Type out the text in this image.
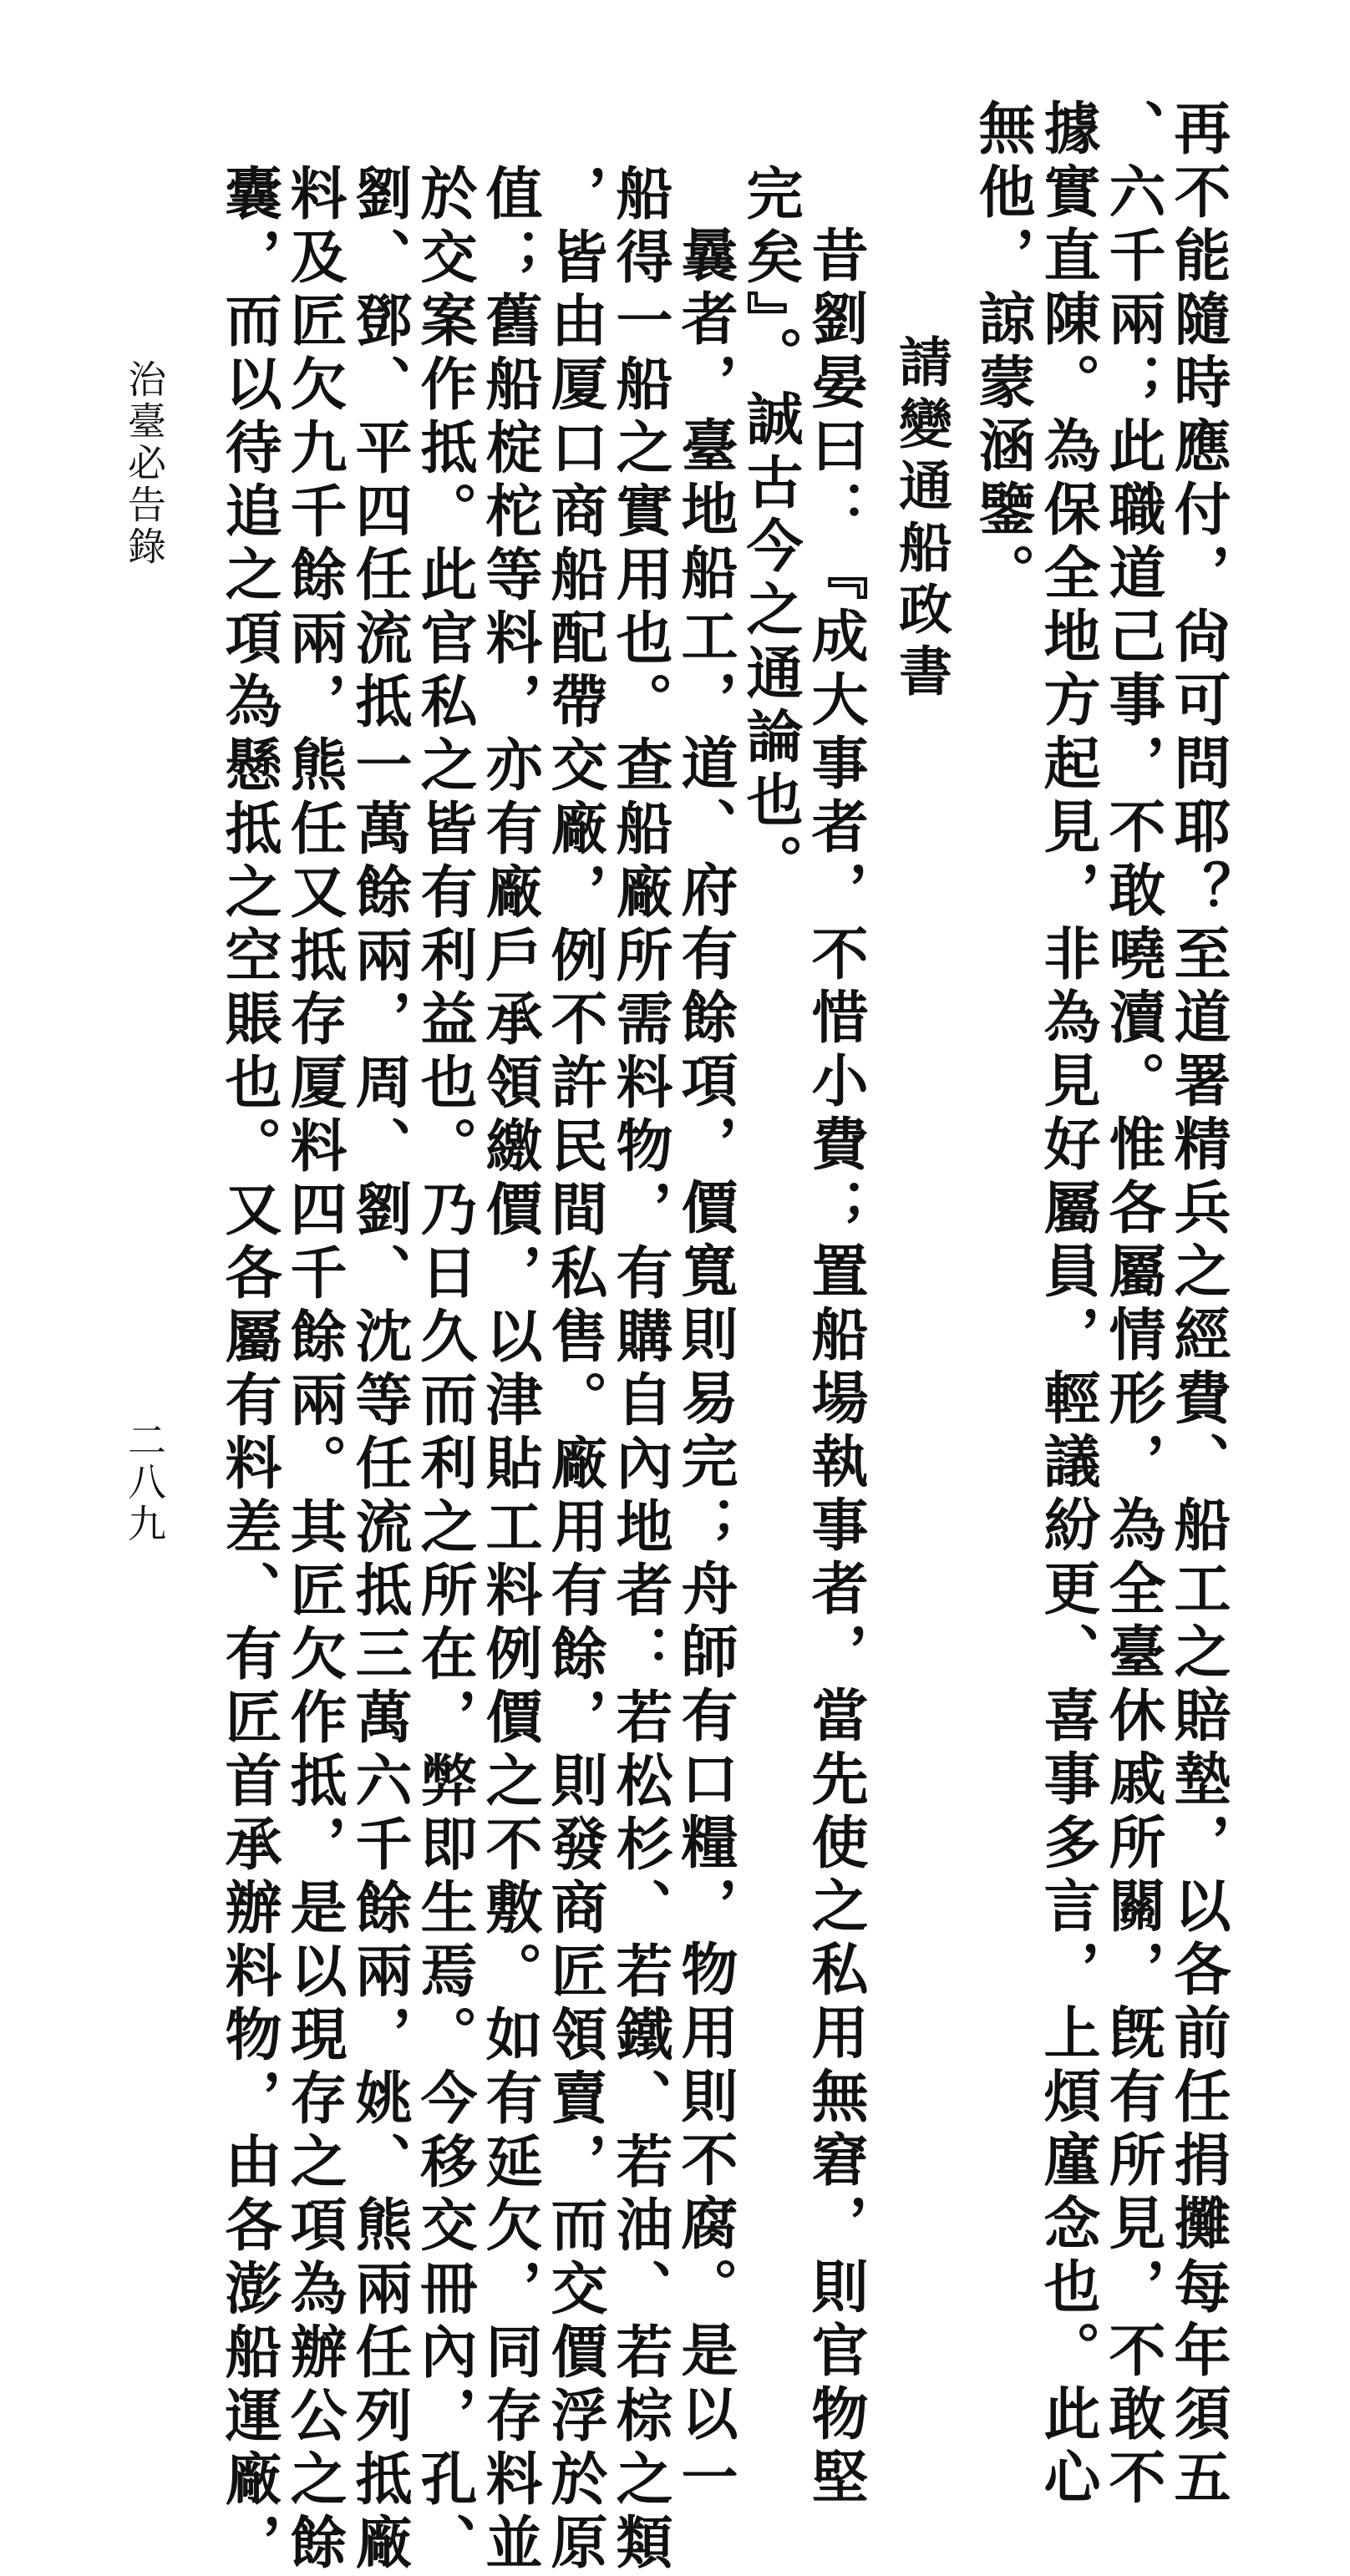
再不能隨時應付，尙可問耶？至道署精兵之經費、船工之賠墊，以各前任捐攤每年須五
、六千兩；此職道己事，不敢嘵瀆。惟各屬情形，為全臺休戚所關，旣有所見，不敢不
據實直陳。為保全地方起見，非為見好屬員，輕議紛更、喜事多言，上煩廑念也。此心
無他，諒蒙涵鑒。
請變通船政書
昔劉晏曰：『成大事者，不惜小費；置船場執事者，當先使之私用無窘，則官物堅
完矣』。誠古今之通論也。
曩者，臺地船工，道、府有餘項，價寬則易完；舟師有口糧，物用則不腐。是以一
船得一船之實用也。查船廠所需料物，有購自內地者：若松杉、若鐵、若油、若棕之類
，皆由厦口商船配帶交廠，例不許民間私售。廠用有餘，則發商匠領賣，而交價浮於原
值；舊船椗柁等料，亦有廠戶承領繳價，以津貼工料例價之不敷。如有延欠，同存料並
於交案作抵。此官私之皆有利益也。乃日久而利之所在，弊即生焉。今移交冊內，孔、
劉、鄧、平四任流抵一萬餘兩，周、劉、沈等任流抵三萬六千餘兩，姚、熊兩任列抵廠
料及匠欠九千餘兩，熊任又抵存厦料四千餘兩。其匠欠作抵，是以現存之項為辦公之餘
囊，而以待追之項為懸抵之空賬也。又各屬有料差、有匠首承辦料物，由各澎船運廠，
治臺必告錄
二八九
